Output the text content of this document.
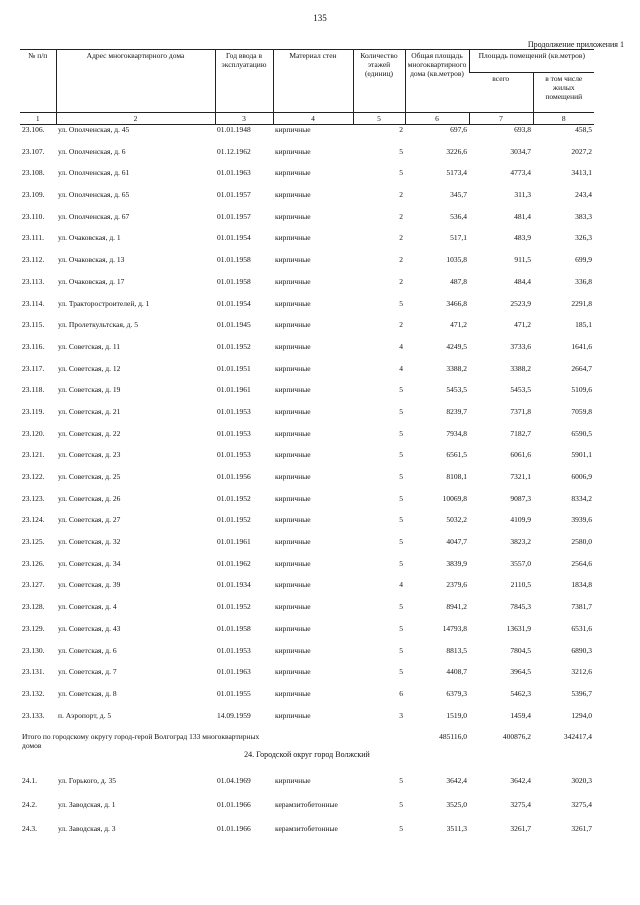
135
Продолжение приложения 1
№ п/п	Адрес многоквартирного дома	Год ввода в эксплуатацию	Материал стен	Количество этажей (единиц)	Общая площадь многоквартирного дома (кв.метров)	Площадь помещений (кв.метров)	
						всего	в том числе жилых помещений
1	2	3	4	5	6	7	8
23.106.	ул. Ополченская, д. 45	01.01.1948	кирпичные	2	697,6	693,8	458,5
23.107.	ул. Ополченская, д. 6	01.12.1962	кирпичные	5	3226,6	3034,7	2027,2
23.108.	ул. Ополченская, д. 61	01.01.1963	кирпичные	5	5173,4	4773,4	3413,1
23.109.	ул. Ополченская, д. 65	01.01.1957	кирпичные	2	345,7	311,3	243,4
23.110.	ул. Ополченская, д. 67	01.01.1957	кирпичные	2	536,4	481,4	383,3
23.111.	ул. Очаковская, д. 1	01.01.1954	кирпичные	2	517,1	483,9	326,3
23.112.	ул. Очаковская, д. 13	01.01.1958	кирпичные	2	1035,8	911,5	699,9
23.113.	ул. Очаковская, д. 17	01.01.1958	кирпичные	2	487,8	484,4	336,8
23.114.	ул. Тракторостроителей, д. 1	01.01.1954	кирпичные	5	3466,8	2523,9	2291,8
23.115.	ул. Пролеткультская, д. 5	01.01.1945	кирпичные	2	471,2	471,2	185,1
23.116.	ул. Советская, д. 11	01.01.1952	кирпичные	4	4249,5	3733,6	1641,6
23.117.	ул. Советская, д. 12	01.01.1951	кирпичные	4	3388,2	3388,2	2664,7
23.118.	ул. Советская, д. 19	01.01.1961	кирпичные	5	5453,5	5453,5	5109,6
23.119.	ул. Советская, д. 21	01.01.1953	кирпичные	5	8239,7	7371,8	7059,8
23.120.	ул. Советская, д. 22	01.01.1953	кирпичные	5	7934,8	7182,7	6590,5
23.121.	ул. Советская, д. 23	01.01.1953	кирпичные	5	6561,5	6061,6	5901,1
23.122.	ул. Советская, д. 25	01.01.1956	кирпичные	5	8108,1	7321,1	6006,9
23.123.	ул. Советская, д. 26	01.01.1952	кирпичные	5	10069,8	9087,3	8334,2
23.124.	ул. Советская, д. 27	01.01.1952	кирпичные	5	5032,2	4109,9	3939,6
23.125.	ул. Советская, д. 32	01.01.1961	кирпичные	5	4047,7	3823,2	2580,0
23.126.	ул. Советская, д. 34	01.01.1962	кирпичные	5	3839,9	3557,0	2564,6
23.127.	ул. Советская, д. 39	01.01.1934	кирпичные	4	2379,6	2110,5	1834,8
23.128.	ул. Советская, д. 4	01.01.1952	кирпичные	5	8941,2	7845,3	7381,7
23.129.	ул. Советская, д. 43	01.01.1958	кирпичные	5	14793,8	13631,9	6531,6
23.130.	ул. Советская, д. 6	01.01.1953	кирпичные	5	8813,5	7804,5	6890,3
23.131.	ул. Советская, д. 7	01.01.1963	кирпичные	5	4408,7	3964,5	3212,6
23.132.	ул. Советская, д. 8	01.01.1955	кирпичные	6	6379,3	5462,3	5396,7
23.133.	п. Аэропорт, д. 5	14.09.1959	кирпичные	3	1519,0	1459,4	1294,0
Итого по городскому округу город-герой Волгоград 133 многоквартирных домов					485116,0	400876,2	342417,4
24. Городской округ город Волжский							
24.1.	ул. Горького, д. 35	01.04.1969	кирпичные	5	3642,4	3642,4	3020,3
24.2.	ул. Заводская, д. 1	01.01.1966	керамзитобетонные	5	3525,0	3275,4	3275,4
24.3.	ул. Заводская, д. 3	01.01.1966	керамзитобетонные	5	3511,3	3261,7	3261,7
